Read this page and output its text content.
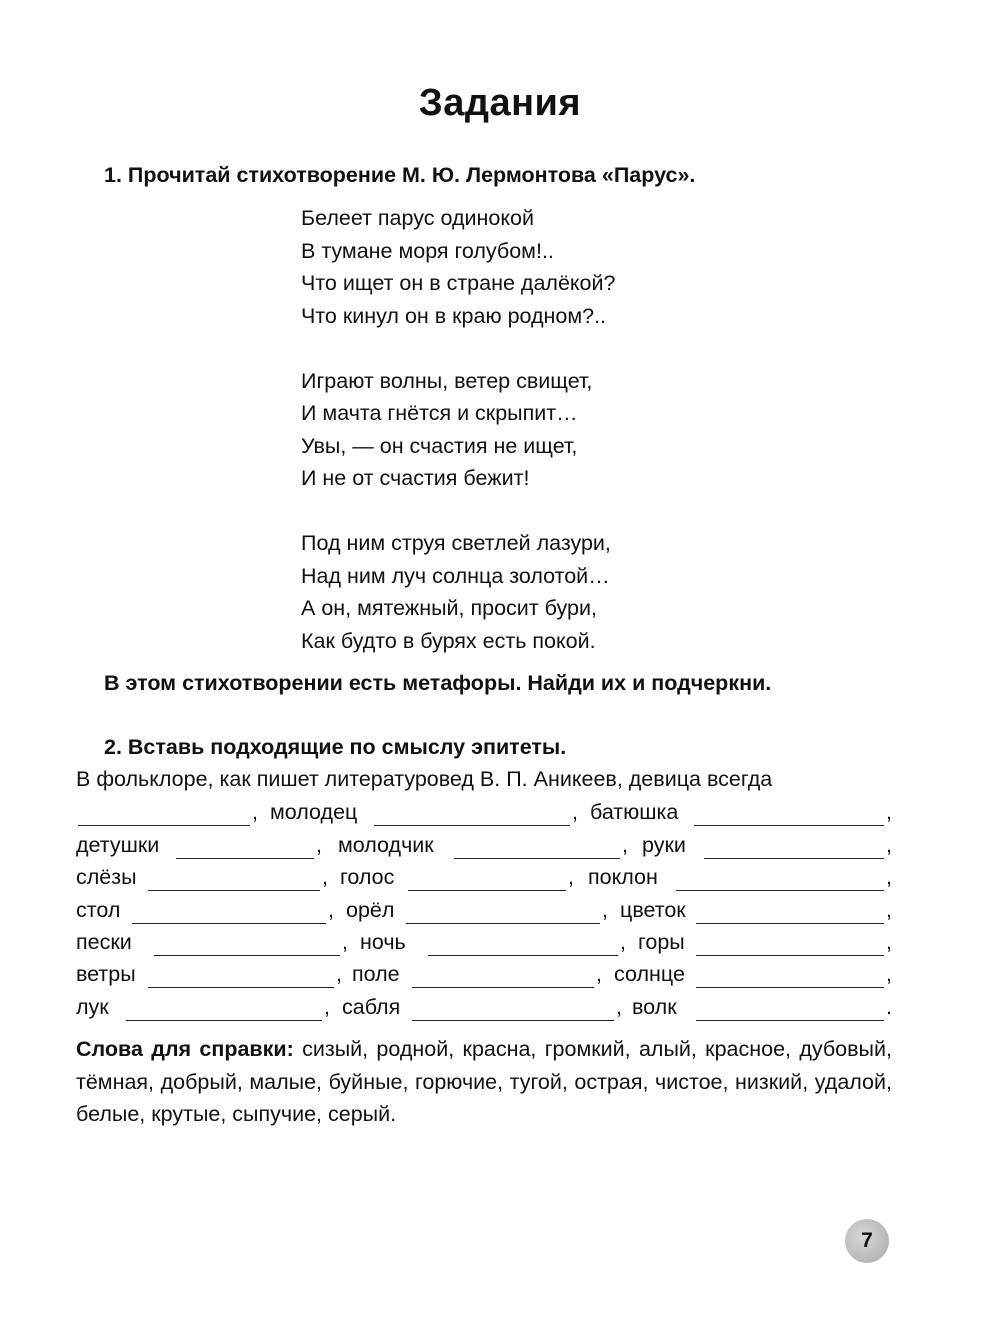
Задания
1. Прочитай стихотворение М. Ю. Лермонтова «Парус».
Белеет парус одинокой
В тумане моря голубом!..
Что ищет он в стране далёкой?
Что кинул он в краю родном?..
Играют волны, ветер свищет,
И мачта гнётся и скрыпит…
Увы, — он счастия не ищет,
И не от счастия бежит!
Под ним струя светлей лазури,
Над ним луч солнца золотой…
А он, мятежный, просит бури,
Как будто в бурях есть покой.
В этом стихотворении есть метафоры. Найди их и подчеркни.
2. Вставь подходящие по смыслу эпитеты.
В фольклоре, как пишет литературовед В. П. Аникеев, девица всегда
, молодец	, батюшка	,
детушки	, молодчик	, руки	,
слёзы	, голос	, поклон	,
стол	, орёл	, цветок	,
пески	, ночь	, горы	,
ветры	, поле	, солнце	,
лук	, сабля	, волк	.
Слова для справки: сизый, родной, красна, громкий, алый, красное, дубовый, тёмная, добрый, малые, буйные, горючие, тугой, острая, чистое, низкий, удалой, белые, крутые, сыпучие, серый.
7
